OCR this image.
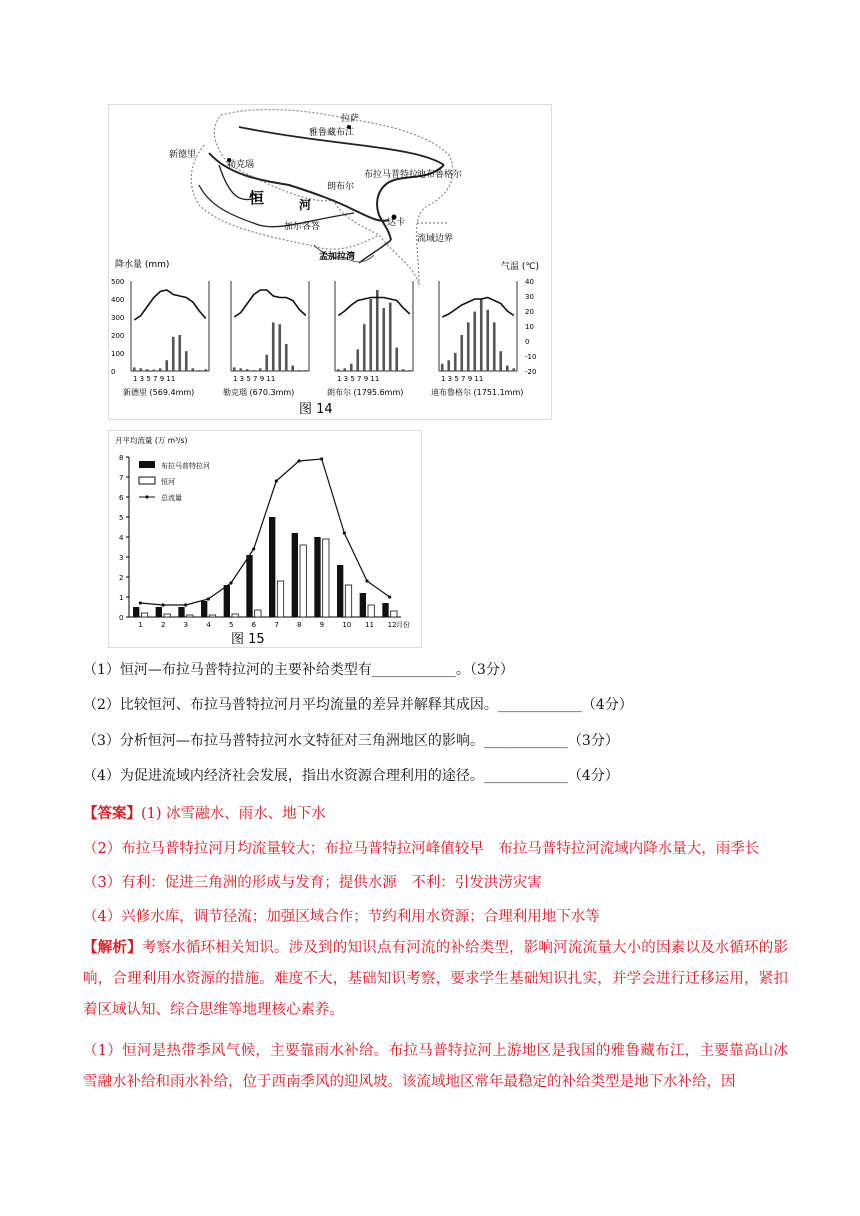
拉萨
雅鲁藏布江
新德里
勒克瑙
迪布鲁格尔
布拉马普特拉
恒	河
朗布尔
达卡
加尔各答
孟加拉湾
流域边界
降水量 (mm)	气温 (℃)
500
400
300
200
100
0
40
30
20
10
0
-10
-20
1 3 5 7 9 11
新德里 (569.4mm)
1 3 5 7 9 11
勒克瑙 (670.3mm)
1 3 5 7 9 11
朗布尔 (1795.6mm)
1 3 5 7 9 11
迪布鲁格尔 (1751.1mm)
图 14
月平均流量 (万 m³/s)
月份
0
1
2
3
4
5
6
7
8
1	2	3	4	5	6	7	8	9	10 11 12
布拉马普特拉河
恒河
总流量
图 15
（1）恒河—布拉马普特拉河的主要补给类型有____________。（3分）
（2）比较恒河、布拉马普特拉河月平均流量的差异并解释其成因。____________（4分）
（3）分析恒河—布拉马普特拉河水文特征对三角洲地区的影响。____________（3分）
（4）为促进流域内经济社会发展，指出水资源合理利用的途径。____________（4分）
【答案】(1) 冰雪融水、雨水、地下水
（2）布拉马普特拉河月均流量较大；布拉马普特拉河峰值较早　布拉马普特拉河流域内降水量大，雨季长
（3）有利：促进三角洲的形成与发育；提供水源　不利：引发洪涝灾害
（4）兴修水库，调节径流；加强区域合作；节约利用水资源；合理利用地下水等
【解析】考察水循环相关知识。涉及到的知识点有河流的补给类型，影响河流流量大小的因素以及水循环的影响，合理利用水资源的措施。难度不大，基础知识考察，要求学生基础知识扎实，并学会进行迁移运用，紧扣着区域认知、综合思维等地理核心素养。
（1）恒河是热带季风气候，主要靠雨水补给。布拉马普特拉河上游地区是我国的雅鲁藏布江，主要靠高山冰雪融水补给和雨水补给，位于西南季风的迎风坡。该流域地区常年最稳定的补给类型是地下水补给，因
